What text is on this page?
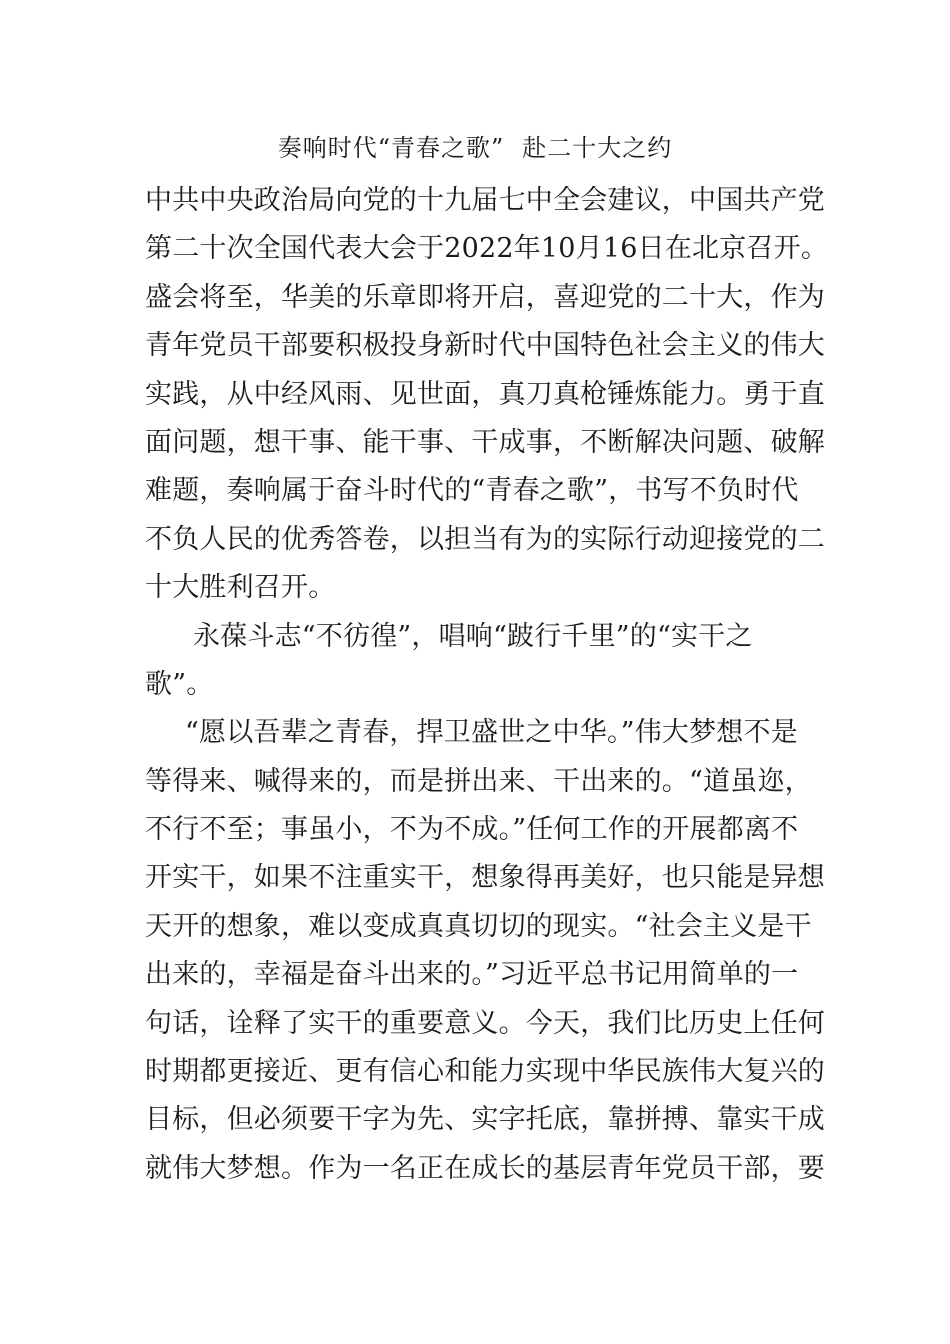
奏响时代“青春之歌” 赴二十大之约
中共中央政治局向党的十九届七中全会建议，中国共产党
第二十次全国代表大会于2022年10月16日在北京召开。
盛会将至，华美的乐章即将开启，喜迎党的二十大，作为
青年党员干部要积极投身新时代中国特色社会主义的伟大
实践，从中经风雨、见世面，真刀真枪锤炼能力。勇于直
面问题，想干事、能干事、干成事，不断解决问题、破解
难题，奏响属于奋斗时代的“青春之歌”，书写不负时代
不负人民的优秀答卷，以担当有为的实际行动迎接党的二
十大胜利召开。
永葆斗志“不彷徨”，唱响“跛行千里”的“实干之
歌”。
“愿以吾辈之青春，捍卫盛世之中华。”伟大梦想不是
等得来、喊得来的，而是拼出来、干出来的。“道虽迩，
不行不至；事虽小，不为不成。”任何工作的开展都离不
开实干，如果不注重实干，想象得再美好，也只能是异想
天开的想象，难以变成真真切切的现实。“社会主义是干
出来的，幸福是奋斗出来的。”习近平总书记用简单的一
句话，诠释了实干的重要意义。今天，我们比历史上任何
时期都更接近、更有信心和能力实现中华民族伟大复兴的
目标，但必须要干字为先、实字托底，靠拼搏、靠实干成
就伟大梦想。作为一名正在成长的基层青年党员干部，要
